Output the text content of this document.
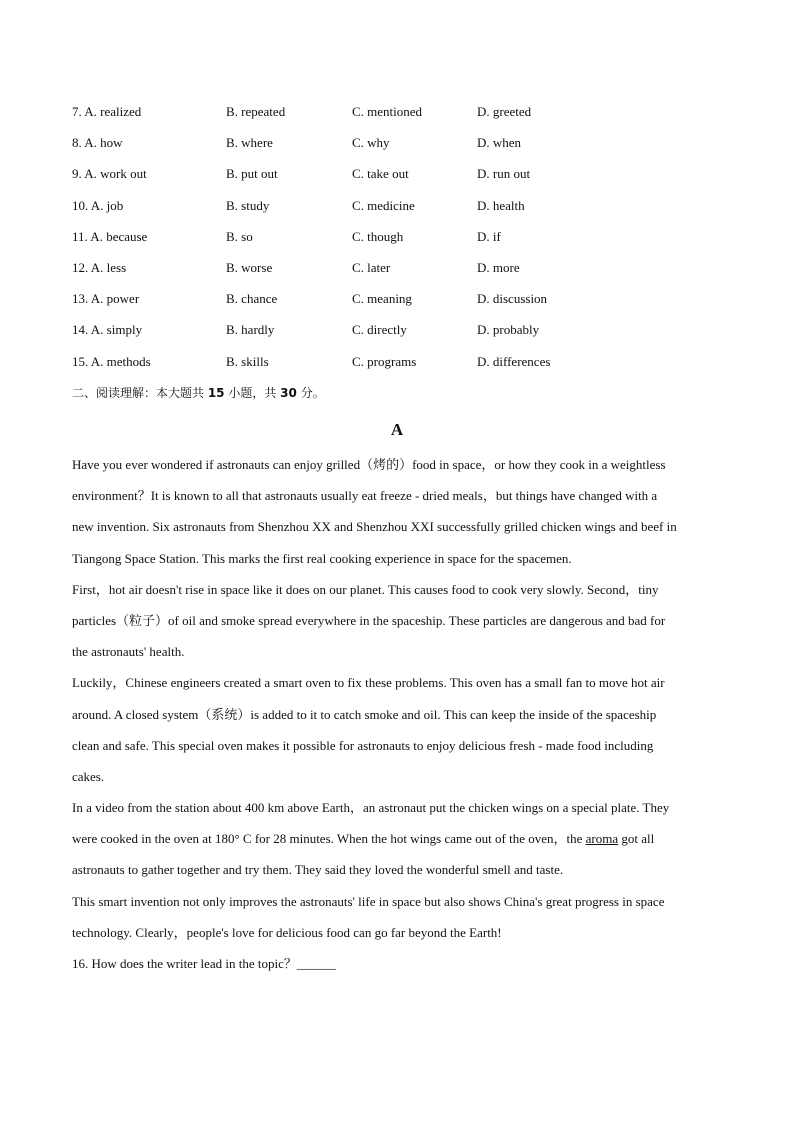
7. A. realized	B. repeated	C. mentioned	D. greeted
8. A. how	B. where	C. why	D. when
9. A. work out	B. put out	C. take out	D. run out
10. A. job	B. study	C. medicine	D. health
11. A. because	B. so	C. though	D. if
12. A. less	B. worse	C. later	D. more
13. A. power	B. chance	C. meaning	D. discussion
14. A. simply	B. hardly	C. directly	D. probably
15. A. methods	B. skills	C. programs	D. differences
二、阅读理解：本大题共 15 小题，共 30 分。
A
Have you ever wondered if astronauts can enjoy grilled（烤的）food in space，or how they cook in a weightless
environment？It is known to all that astronauts usually eat freeze - dried meals，but things have changed with a
new invention. Six astronauts from Shenzhou XX and Shenzhou XXI successfully grilled chicken wings and beef in
Tiangong Space Station. This marks the first real cooking experience in space for the spacemen.
First，hot air doesn't rise in space like it does on our planet. This causes food to cook very slowly. Second，tiny
particles（粒子）of oil and smoke spread everywhere in the spaceship. These particles are dangerous and bad for
the astronauts' health.
Luckily，Chinese engineers created a smart oven to fix these problems. This oven has a small fan to move hot air
around. A closed system（系统）is added to it to catch smoke and oil. This can keep the inside of the spaceship
clean and safe. This special oven makes it possible for astronauts to enjoy delicious fresh - made food including
cakes.
In a video from the station about 400 km above Earth，an astronaut put the chicken wings on a special plate. They
were cooked in the oven at 180° C for 28 minutes. When the hot wings came out of the oven，the aroma got all
astronauts to gather together and try them. They said they loved the wonderful smell and taste.
This smart invention not only improves the astronauts' life in space but also shows China's great progress in space
technology. Clearly，people's love for delicious food can go far beyond the Earth!
16. How does the writer lead in the topic？______
